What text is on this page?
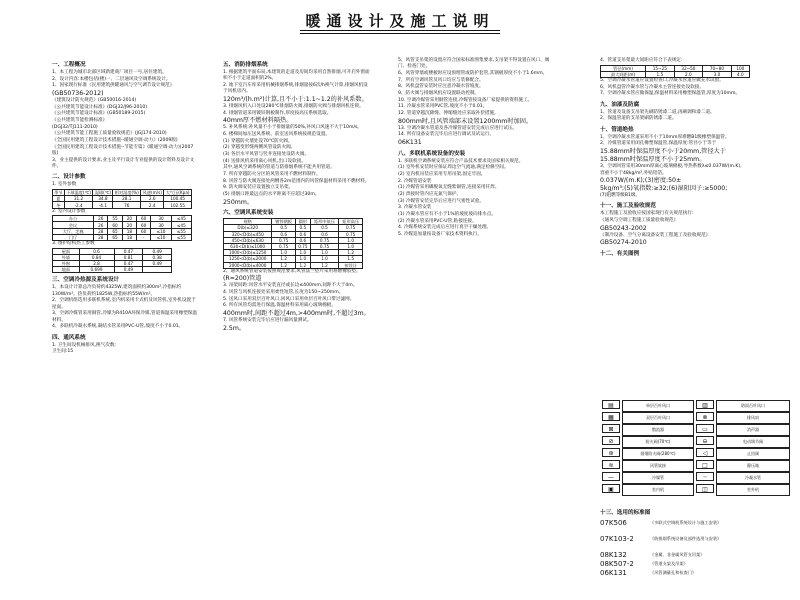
暖通设计及施工说明

一、工程概况

1、本工程为城市北部区域新建商厂项目一号,居住建筑。

2、设计内容:本楼包括(楼)一、二层通风及空调系统设计。

1、国家现行标准《民用建筑供暖通风与空气调节设计规范》

(GB50736-2012)

《建筑设计防火规范》(GB50016-2014)

《公共建筑节能设计标准》(DGJ32/J96-2010)

《公共建筑节能设计标准》(GB50189-2015)

《公共建筑节能检测标准》

(DGJ32/TJ111-2010)

《公共建筑节能工程施工质量验收规范》(JGJ174-2010)

《全国民用建筑工程设计技术措施--暖通空调·动力》(2009版)

《全国民用建筑工程设计技术措施--节能专篇》(暖通空调·动力)(2007版)

3、业主提供的设计要求,业主及平行设计专业提供的设计资料及设计文件。

二、设计参数

1. 室外参数

季节	干球温度(℃)	湿球(℃)	相对湿度(%)	风速(m/s)	大气压(Kpa)
夏	31.2	34.8	28.1	2.6	100.45
冬	-2.4	-4.1	76	2.4	102.55

2. 室内设计参数

办公	26	55	20	60	30	≤45
会议	26	60	20	60	30	≤45
大厅、走廊	28	65	18	60	≤10	≤55
门厅	28	65	18	-	≤10	≤55

3. 围护结构热工参数

屋面	0.6	0.47	0.49
外墙	0.84	0.81	0.38
外窗	2.8	0.47	0.49
地面	0.699	0.49	

三、空调冷热源及系统设计

1、本设计计算总冷负荷约4325W,建筑面积约300m²,冷指标约130W/m²。热负荷约1825W,热指标约55W/m²。

2、空调机组选用多联机系统,室内机采用卡式机及风管机,室外机设置于屋面。

3、空调冷媒管采用铜管,冷媒为R410A环保冷媒,管道保温采用橡塑保温材料。

4、多联机冷凝水系统,凝结水管采用PVC-U管,坡度不小于0.01。

四、通风系统

1. 卫生间设机械排风,换气次数:

卫生间:15

五、消防排烟系统

1. 根据建筑平面布局,本建筑的走道及房间均采用自然排烟,可开启外窗面积不小于走道面积的2%。

2. 地下室汽车库采用机械排烟系统,排烟量按6次/h换气计算,排烟风机设于风机房内。

120m³/(h.m²)计算,且不小于:1.1~1.2的补风系数。

3. 排烟风机入口处设280℃排烟防火阀,排烟防火阀与排烟风机连锁。

4. 排烟管道采用镀锌钢板制作,厚度按高压系统选取。

40mm厚不燃材料隔热。

5. 补风系统:补风量不小于排烟量的50%,补风口风速不大于10m/s。

6. 楼梯间加压送风系统、前室送风系统按规范设置。

(1) 穿越防火墙处设70℃防火阀。

(2) 穿越变形缝两侧风管设防火阀。

(3) 各层水平风管与竖井连接处设防火阀。

(4) 送排风机采用离心风机,出口设软接。

其中,通风空调系统的管道与防排烟系统不能共用管道。

7. 所有穿越防火分区的风管采用不燃材料制作。

8. 风管与防火阀连接处两侧各2m范围内的风管保温材料采用不燃材料。

9. 防火阀安装应设置独立支吊架。

(5) 排烟口距最远点的水平距离不应超过30m。

250mm。

六、空调风系统安装

规格	镀锌钢板	圆形	矩形中低压	矩形高压
D(b)≤320	0.5	0.5	0.5	0.75
320<D(b)≤450	0.6	0.6	0.6	0.75
450<D(b)≤630	0.75	0.6	0.75	1.0
630<D(b)≤1000	0.75	0.75	0.75	1.0
1000<D(b)≤1250	1.0	1.0	1.0	1.2
1250<D(b)≤2000	1.2	1.0	1.0	1.5
2000<D(b)≤4000	1.2	1.2	1.2	按设计

2、通风系统管道安装按照规范要求,风管法兰垫片采用难燃橡胶垫。

(R=200)管道

3. 吊架间距:风管水平安装直径或长边≤400mm,间距不大于4m。

4. 风管与风机连接处采用柔性短管,长度为150~250mm。

5. 送风口采用双层百叶风口,回风口采用单层百叶风口带过滤网。

6. 所有风管均需进行保温,保温材料采用离心玻璃棉板。

400mm时,间距不超过4m,>400mm时,不超过3m。

7. 风管系统安装完毕后应进行漏风量测试。

2.5m。

5、风管支吊架的设置应符合国家标准图集要求,支吊架不得设置在风口、阀门、检查门处。

6、风管穿墙或楼板时应设预埋管或防护套管,其钢板厚度不小于1.6mm。

7、所有空调风管及风口均应与装修配合。

8、风机盘管安装时应注意冷凝水管坡度。

9、防火阀与排烟风机应设置联动控制。

10. 空调冷媒管采用铜管连接,冷媒管按设备厂家提供的资料施工。

11. 冷凝水管采用PVC管,坡度不小于0.01。

12. 管道穿越沉降缝、伸缩缝处应采取补偿措施。

800mm时,且风管端部末设置1200mm时加固。

13. 空调冷凝水管道及各冷媒管道安装完成后应进行试压。

14. 所有设备安装完毕后应进行调试及试运行。

06K131

八、多联机系统设备的安装

1. 多联机空调系统安装应符合产品技术要求及国家相关规范。

(1) 室外机安装时应保证周边空气流通,满足检修空间。

(2) 室内机吊装应采用专用吊架,固定牢固。

2. 冷媒管道安装

(1) 冷媒管采用磷脱氧无缝紫铜管,连接采用钎焊。

(2) 焊接时管内应充氮气保护。

(3) 冷媒管安装完毕后应进行气密性试验。

3. 冷凝水管安装

(1) 冷凝水管应有不小于1%的坡度坡向排水点。

(2) 冷凝水管采用PVC-U管,粘接连接。

4. 冷媒系统安装完成后应进行真空干燥处理。

5. 冷媒追加量按设备厂家技术资料执行。

4、管道支吊架最大间距应符合下表规定:

管径(mm)	15~25	32~50	70~80	100
最大间距(m)	1.5	2.0	3.0	4.0

5、空调冷凝水管道应设置检查口,冷凝水管道应做充水试验。

6、风机盘管冷凝水管与冷凝水主管连接处设软接。

7、空调冷凝水管应做保温,保温材料采用橡塑保温管,厚度为10mm。

九、油漆及防腐

1、管道及设备支吊架先刷防锈漆二道,再刷调和漆二道。

2、保温管道的支吊架刷防锈漆二道。

十、管道绝热

1、空调冷凝水管道采用不小于10mm厚难燃B1级橡塑保温管。

2、冷媒管道采用闭孔橡塑保温管,保温厚度:管径小于等于

15.88mm时保温厚度不小于20mm,管径大于

15.88mm时保温厚度不小于25mm。

3、空调风管采用30mm厚离心玻璃棉板,导热系数λ≤0.037W/(m.K),

容重不小于48kg/m³,外贴铝箔。

0.037W/(m.K);(3)密度:50±

5kg/m³;(5)氧指数:≥32;(6)湿阻因子:≥5000;

(7)阻燃等级B1级。

十一、施工及验收规范

本工程施工及验收应按国家现行有关规范执行:

《通风与空调工程施工质量验收规范》

GB50243-2002

《制冷设备、空气分离设备安装工程施工及验收规范》

GB50274-2010

十二、有关图例

▤	单层百叶风口	▥	防雨百叶风口
▦	双层百叶风口	⊗	排风扇
⊠	散流器	▭	消声器
⊘	防火阀(70℃)	⊖	电动调节阀
⊛	排烟防火阀(280℃)	◁	止回阀
≋	风管软接	□	静压箱
—	冷媒管	┄	冷凝水管
▣	室内机	◫	室外机

十三、选用的标准图

07K506	《多联式空调机系统设计与施工安装》
07K103-2	《防排烟系统设备及部件选用与安装》
08K132	《金属、非金属风管支吊架》
08K507-2	《管道支架及吊架》
06K131	《风管测量孔和检查门》
